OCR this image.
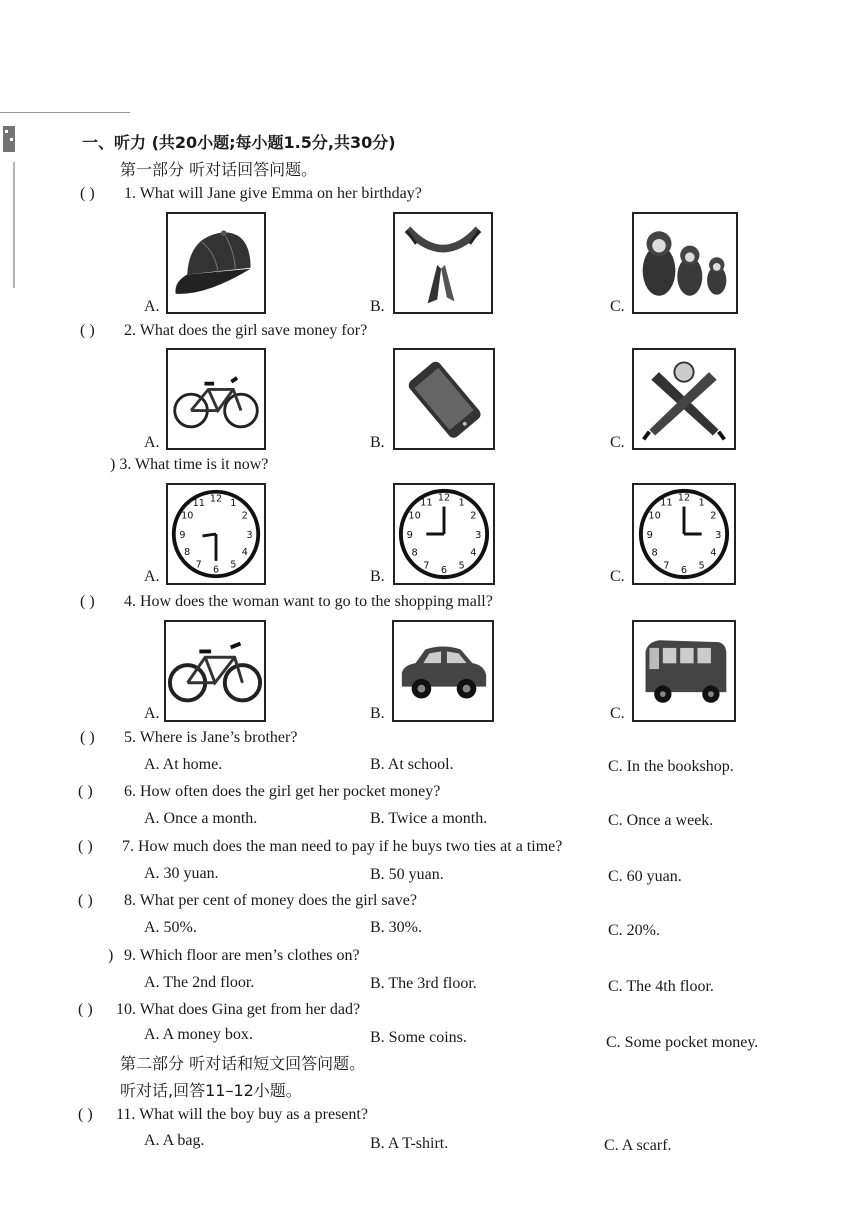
一、听力 (共20小题;每小题1.5分,共30分)
第一部分 听对话回答问题。
( ) 1. What will Jane give Emma on her birthday?
A.	B.	C.
( ) 2. What does the girl save money for?
A.	B.	C.
) 3. What time is it now?
A.
12 1
2
3
4
5
6
7
8
9
10
11
B.
12 1
2
3
4
5
6
7
8
9
10
11
C.
12 1
2
3
4
5
6
7
8
9
10
11
( ) 4. How does the woman want to go to the shopping mall?
A.	B.	C.
( ) 5. Where is Jane’s brother?
A. At home.	B. At school.	C. In the bookshop.
( ) 6. How often does the girl get her pocket money?
A. Once a month.	B. Twice a month.	C. Once a week.
( ) 7. How much does the man need to pay if he buys two ties at a time?
A. 30 yuan.	B. 50 yuan.	C. 60 yuan.
( ) 8. What per cent of money does the girl save?
A. 50%.	B. 30%.	C. 20%.
) 9. Which floor are men’s clothes on?
A. The 2nd floor.	B. The 3rd floor.	C. The 4th floor.
( ) 10. What does Gina get from her dad?
A. A money box.	B. Some coins.	C. Some pocket money.
第二部分 听对话和短文回答问题。
听对话,回答11–12小题。
( ) 11. What will the boy buy as a present?
A. A bag.	B. A T-shirt.	C. A scarf.
